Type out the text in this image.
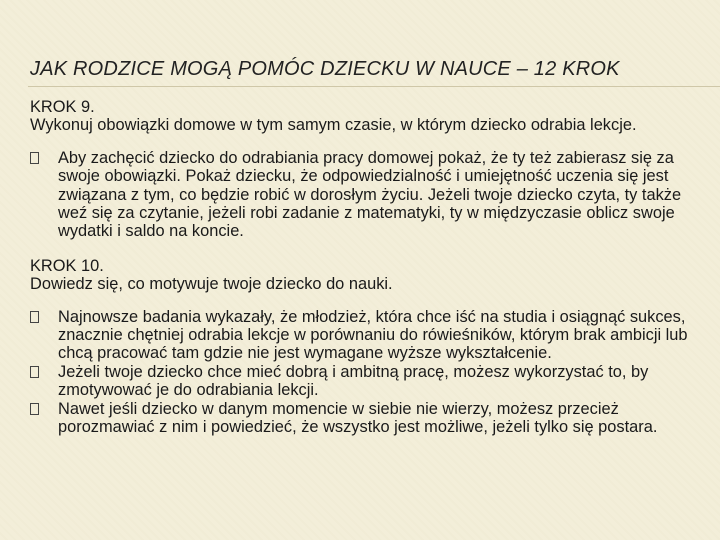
JAK RODZICE MOGĄ POMÓC DZIECKU W NAUCE – 12 KROK

KROK 9.

Wykonuj obowiązki domowe w tym samym czasie, w którym dziecko odrabia lekcje.

Aby zachęcić dziecko do odrabiania pracy domowej pokaż, że ty też zabierasz się za swoje obowiązki. Pokaż dziecku, że odpowiedzialność i umiejętność uczenia się jest związana z tym, co będzie robić w dorosłym życiu. Jeżeli twoje dziecko czyta, ty także weź się za czytanie, jeżeli robi zadanie z matematyki, ty w międzyczasie oblicz swoje wydatki i saldo na koncie.

KROK 10.

Dowiedz się, co motywuje twoje dziecko do nauki.

Najnowsze badania wykazały, że młodzież, która chce iść na studia i osiągnąć sukces, znacznie chętniej odrabia lekcje w porównaniu do rówieśników, którym brak ambicji lub chcą pracować tam gdzie nie jest wymagane wyższe wykształcenie.
Jeżeli twoje dziecko chce mieć dobrą i ambitną pracę, możesz wykorzystać to, by zmotywować je do odrabiania lekcji.
Nawet jeśli dziecko w danym momencie w siebie nie wierzy, możesz przecież porozmawiać z nim i powiedzieć, że wszystko jest możliwe, jeżeli tylko się postara.
